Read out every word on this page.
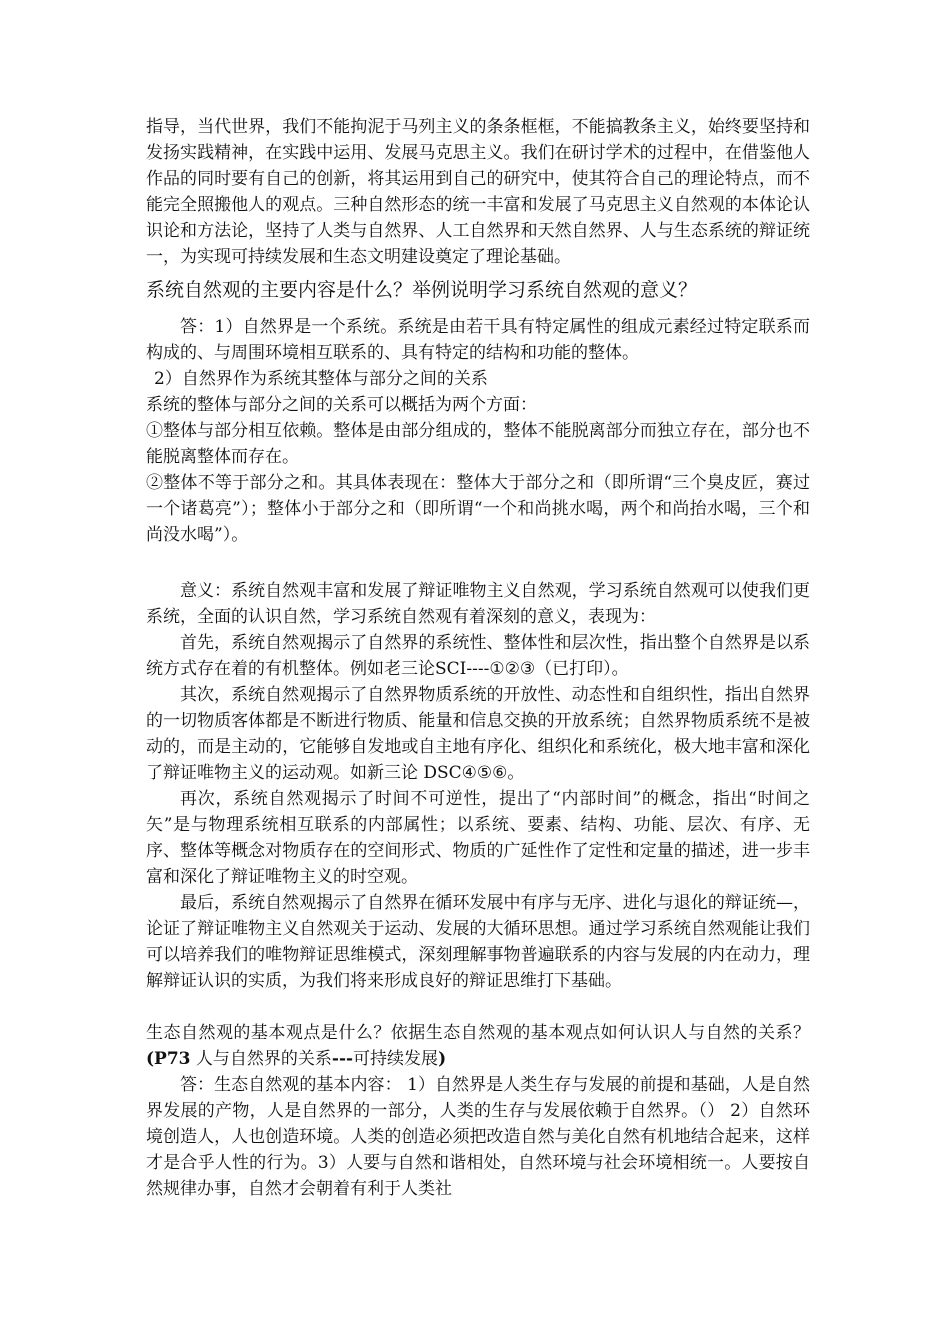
指导，当代世界，我们不能拘泥于马列主义的条条框框，不能搞教条主义，始终要坚持和发扬实践精神，在实践中运用、发展马克思主义。我们在研讨学术的过程中，在借鉴他人作品的同时要有自己的创新，将其运用到自己的研究中，使其符合自己的理论特点，而不能完全照搬他人的观点。三种自然形态的统一丰富和发展了马克思主义自然观的本体论认识论和方法论，坚持了人类与自然界、人工自然界和天然自然界、人与生态系统的辩证统一，为实现可持续发展和生态文明建设奠定了理论基础。

系统自然观的主要内容是什么？举例说明学习系统自然观的意义？

答：1）自然界是一个系统。系统是由若干具有特定属性的组成元素经过特定联系而构成的、与周围环境相互联系的、具有特定的结构和功能的整体。

2）自然界作为系统其整体与部分之间的关系

系统的整体与部分之间的关系可以概括为两个方面：

①整体与部分相互依赖。整体是由部分组成的，整体不能脱离部分而独立存在，部分也不能脱离整体而存在。

②整体不等于部分之和。其具体表现在：整体大于部分之和（即所谓“三个臭皮匠，赛过一个诸葛亮”）；整体小于部分之和（即所谓“一个和尚挑水喝，两个和尚抬水喝，三个和尚没水喝”）。

意义：系统自然观丰富和发展了辩证唯物主义自然观，学习系统自然观可以使我们更系统，全面的认识自然，学习系统自然观有着深刻的意义，表现为：

首先，系统自然观揭示了自然界的系统性、整体性和层次性，指出整个自然界是以系统方式存在着的有机整体。例如老三论SCI----①②③（已打印）。

其次，系统自然观揭示了自然界物质系统的开放性、动态性和自组织性，指出自然界的一切物质客体都是不断进行物质、能量和信息交换的开放系统；自然界物质系统不是被动的，而是主动的，它能够自发地或自主地有序化、组织化和系统化，极大地丰富和深化了辩证唯物主义的运动观。如新三论 DSC④⑤⑥。

再次，系统自然观揭示了时间不可逆性，提出了“内部时间”的概念，指出“时间之矢”是与物理系统相互联系的内部属性；以系统、要素、结构、功能、层次、有序、无序、整体等概念对物质存在的空间形式、物质的广延性作了定性和定量的描述，进一步丰富和深化了辩证唯物主义的时空观。

最后，系统自然观揭示了自然界在循环发展中有序与无序、进化与退化的辩证统—，论证了辩证唯物主义自然观关于运动、发展的大循环思想。通过学习系统自然观能让我们可以培养我们的唯物辩证思维模式，深刻理解事物普遍联系的内容与发展的内在动力，理解辩证认识的实质，为我们将来形成良好的辩证思维打下基础。

生态自然观的基本观点是什么？依据生态自然观的基本观点如何认识人与自然的关系？(P73 人与自然界的关系---可持续发展)

答：生态自然观的基本内容： 1）自然界是人类生存与发展的前提和基础，人是自然界发展的产物，人是自然界的一部分，人类的生存与发展依赖于自然界。（） 2）自然环境创造人，人也创造环境。人类的创造必须把改造自然与美化自然有机地结合起来，这样才是合乎人性的行为。3）人要与自然和谐相处，自然环境与社会环境相统一。人要按自然规律办事，自然才会朝着有利于人类社
